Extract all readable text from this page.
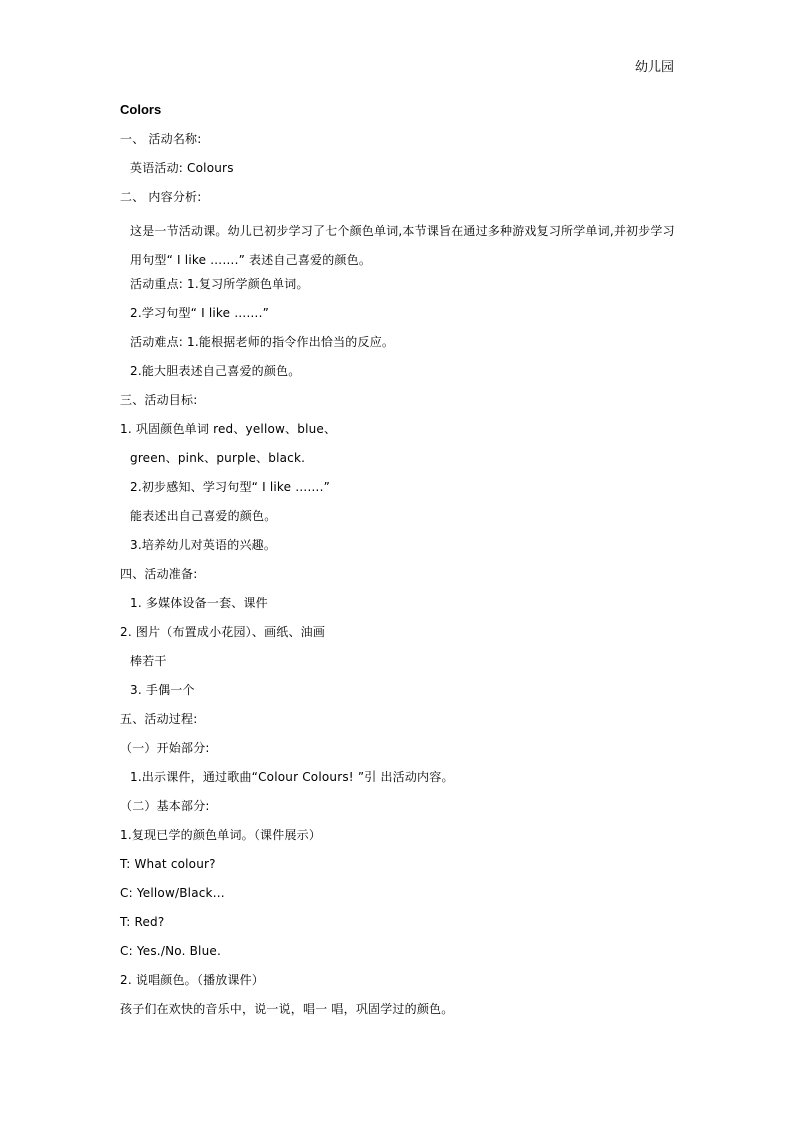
幼儿园
Colors
一、 活动名称:
英语活动: Colours
二、 内容分析:
这是一节活动课。幼儿已初步学习了七个颜色单词,本节课旨在通过多种游戏复习所学单词,并初步学习用句型“ I like …….” 表述自己喜爱的颜色。
活动重点: 1.复习所学颜色单词。
2.学习句型“ I like …….”
活动难点: 1.能根据老师的指令作出恰当的反应。
2.能大胆表述自己喜爱的颜色。
三、活动目标:
1. 巩固颜色单词 red、yellow、blue、
green、pink、purple、black.
2.初步感知、学习句型“ I like …….”
能表述出自己喜爱的颜色。
3.培养幼儿对英语的兴趣。
四、活动准备:
1. 多媒体设备一套、课件
2. 图片（布置成小花园）、画纸、油画
棒若干
3. 手偶一个
五、活动过程:
（一）开始部分:
1.出示课件，通过歌曲“Colour Colours! ”引 出活动内容。
（二）基本部分:
1.复现已学的颜色单词。（课件展示）
T: What colour?
C: Yellow/Black...
T: Red?
C: Yes./No. Blue.
2. 说唱颜色。（播放课件）
孩子们在欢快的音乐中，说一说，唱一 唱，巩固学过的颜色。
